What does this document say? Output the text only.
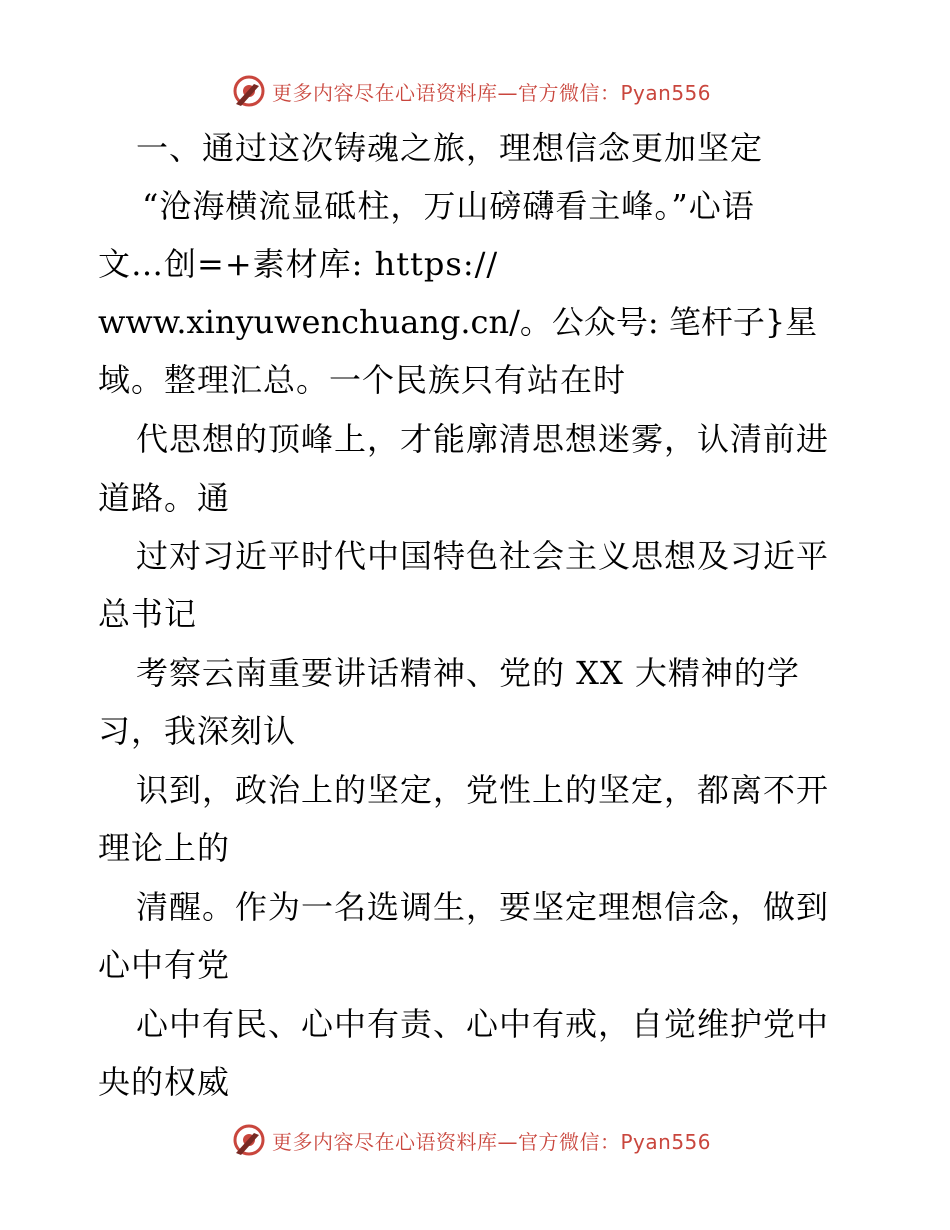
更多内容尽在心语资料库—官方微信：Pyan556
一、通过这次铸魂之旅，理想信念更加坚定
“沧海横流显砥柱，万山磅礴看主峰。”心语
文…创=+素材库: https://
www.xinyuwenchuang.cn/。公众号: 笔杆子}星
域。整理汇总。一个民族只有站在时
代思想的顶峰上，才能廓清思想迷雾，认清前进
道路。通
过对习近平时代中国特色社会主义思想及习近平
总书记
考察云南重要讲话精神、党的 XX 大精神的学
习，我深刻认
识到，政治上的坚定，党性上的坚定，都离不开
理论上的
清醒。作为一名选调生，要坚定理想信念，做到
心中有党
心中有民、心中有责、心中有戒，自觉维护党中
央的权威
更多内容尽在心语资料库—官方微信：Pyan556
